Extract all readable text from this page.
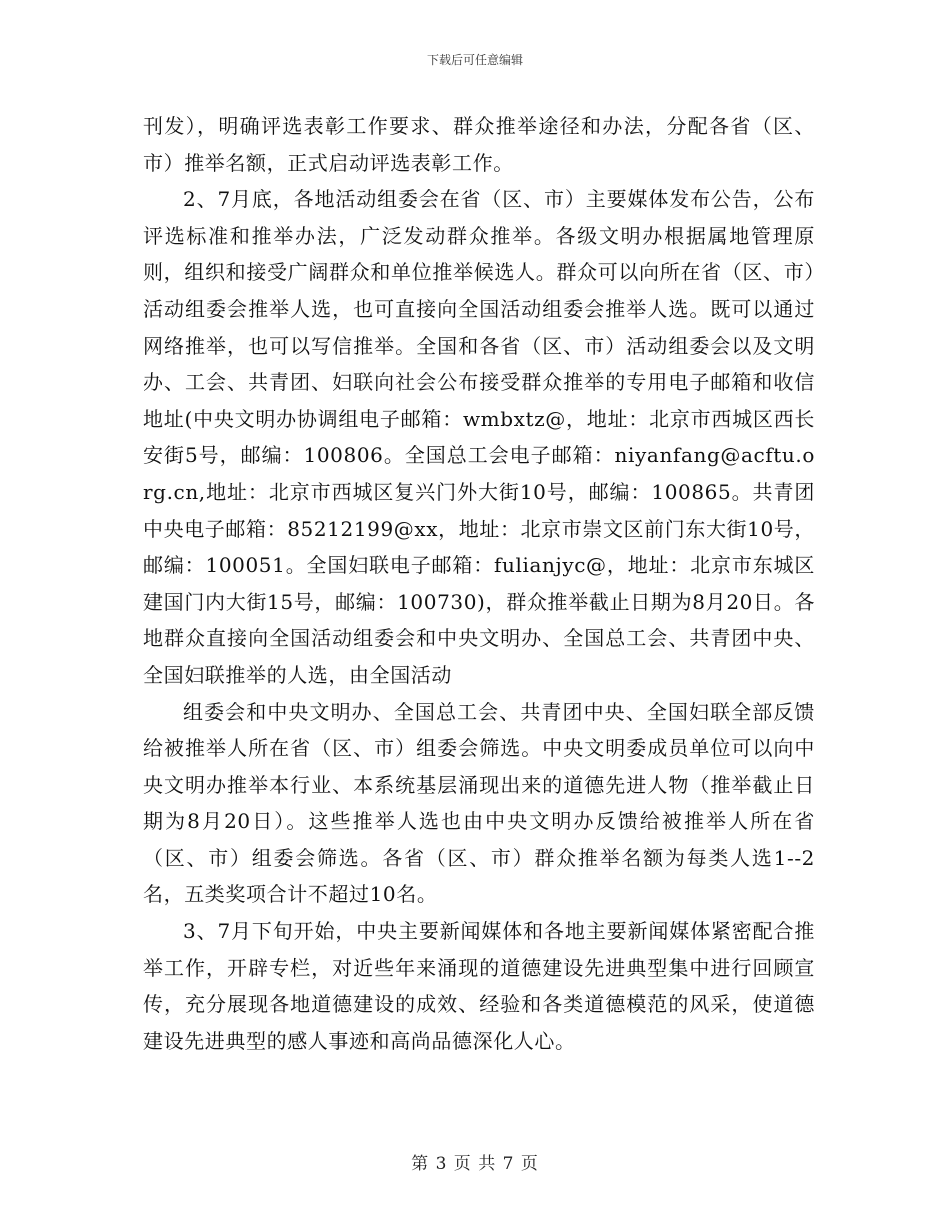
下载后可任意编辑

刊发），明确评选表彰工作要求、群众推举途径和办法，分配各省（区、市）推举名额，正式启动评选表彰工作。

2、7月底，各地活动组委会在省（区、市）主要媒体发布公告，公布评选标准和推举办法，广泛发动群众推举。各级文明办根据属地管理原则，组织和接受广阔群众和单位推举候选人。群众可以向所在省（区、市）活动组委会推举人选，也可直接向全国活动组委会推举人选。既可以通过网络推举，也可以写信推举。全国和各省（区、市）活动组委会以及文明办、工会、共青团、妇联向社会公布接受群众推举的专用电子邮箱和收信地址(中央文明办协调组电子邮箱：wmbxtz@，地址：北京市西城区西长安街5号，邮编：100806。全国总工会电子邮箱：niyanfang@acftu.org.cn,地址：北京市西城区复兴门外大街10号，邮编：100865。共青团中央电子邮箱：85212199@xx，地址：北京市崇文区前门东大街10号，邮编：100051。全国妇联电子邮箱：fulianjyc@，地址：北京市东城区建国门内大街15号，邮编：100730)，群众推举截止日期为8月20日。各地群众直接向全国活动组委会和中央文明办、全国总工会、共青团中央、全国妇联推举的人选，由全国活动

组委会和中央文明办、全国总工会、共青团中央、全国妇联全部反馈给被推举人所在省（区、市）组委会筛选。中央文明委成员单位可以向中央文明办推举本行业、本系统基层涌现出来的道德先进人物（推举截止日期为8月20日）。这些推举人选也由中央文明办反馈给被推举人所在省（区、市）组委会筛选。各省（区、市）群众推举名额为每类人选1--2名，五类奖项合计不超过10名。

3、7月下旬开始，中央主要新闻媒体和各地主要新闻媒体紧密配合推举工作，开辟专栏，对近些年来涌现的道德建设先进典型集中进行回顾宣传，充分展现各地道德建设的成效、经验和各类道德模范的风采，使道德建设先进典型的感人事迹和高尚品德深化人心。

第 3 页 共 7 页
